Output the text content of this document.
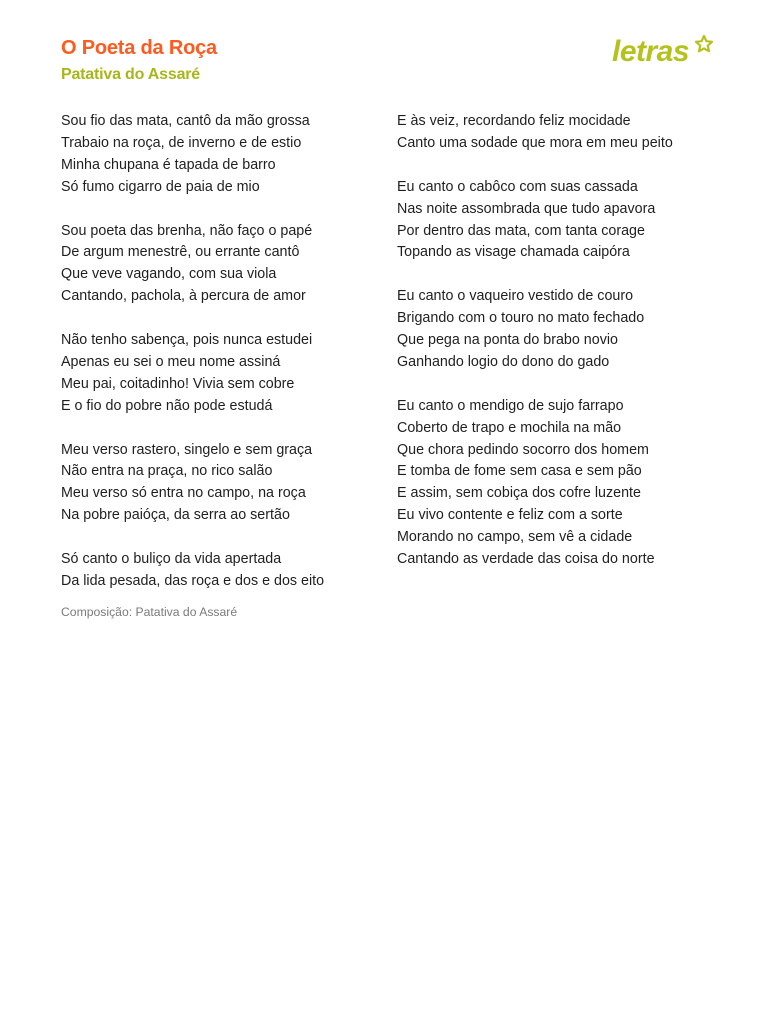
O Poeta da Roça
Patativa do Assaré
letras
Sou fio das mata, cantô da mão grossa
Trabaio na roça, de inverno e de estio
Minha chupana é tapada de barro
Só fumo cigarro de paia de mio
Sou poeta das brenha, não faço o papé
De argum menestrê, ou errante cantô
Que veve vagando, com sua viola
Cantando, pachola, à percura de amor
Não tenho sabença, pois nunca estudei
Apenas eu sei o meu nome assiná
Meu pai, coitadinho! Vivia sem cobre
E o fio do pobre não pode estudá
Meu verso rastero, singelo e sem graça
Não entra na praça, no rico salão
Meu verso só entra no campo, na roça
Na pobre paióça, da serra ao sertão
Só canto o buliço da vida apertada
Da lida pesada, das roça e dos e dos eito
E às veiz, recordando feliz mocidade
Canto uma sodade que mora em meu peito
Eu canto o cabôco com suas cassada
Nas noite assombrada que tudo apavora
Por dentro das mata, com tanta corage
Topando as visage chamada caipóra
Eu canto o vaqueiro vestido de couro
Brigando com o touro no mato fechado
Que pega na ponta do brabo novio
Ganhando logio do dono do gado
Eu canto o mendigo de sujo farrapo
Coberto de trapo e mochila na mão
Que chora pedindo socorro dos homem
E tomba de fome sem casa e sem pão
E assim, sem cobiça dos cofre luzente
Eu vivo contente e feliz com a sorte
Morando no campo, sem vê a cidade
Cantando as verdade das coisa do norte
Composição: Patativa do Assaré
